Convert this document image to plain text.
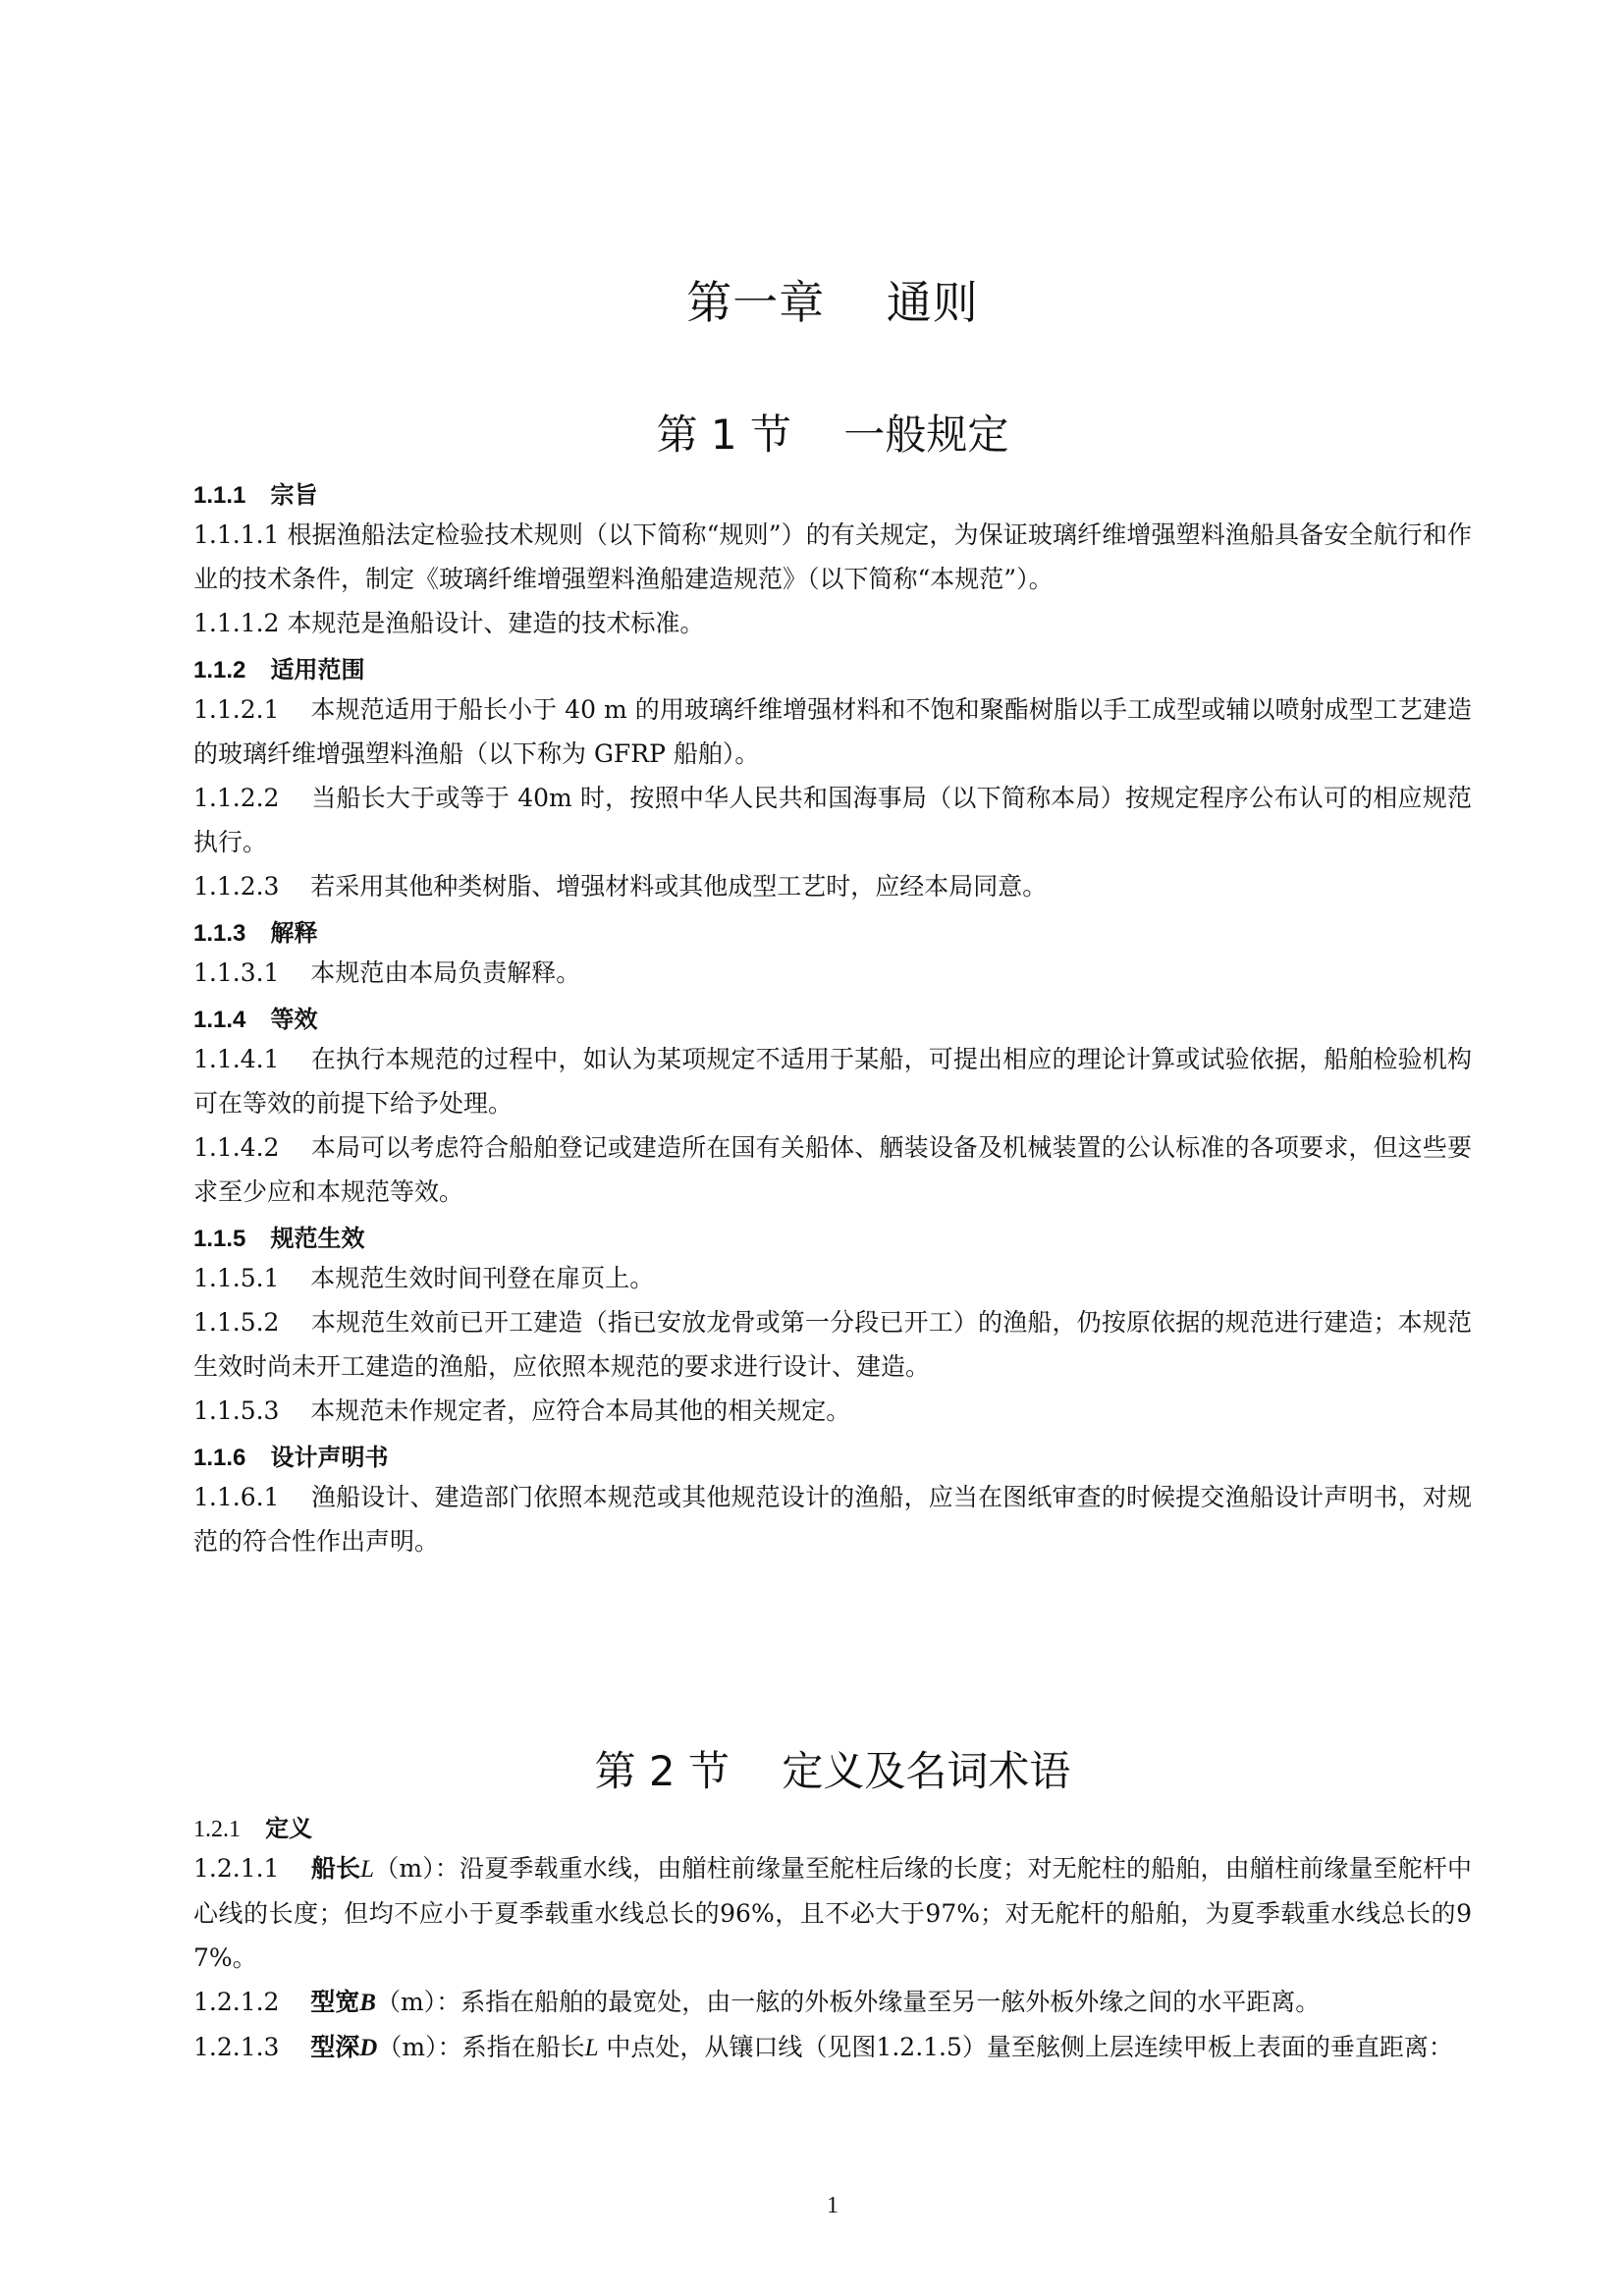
第一章    通则
第 1 节    一般规定
1.1.1 宗旨

1.1.1.1 根据渔船法定检验技术规则（以下简称“规则”）的有关规定，为保证玻璃纤维增强塑料渔船具备安全航行和作业的技术条件，制定《玻璃纤维增强塑料渔船建造规范》（以下简称“本规范”）。

1.1.1.2 本规范是渔船设计、建造的技术标准。

1.1.2 适用范围

1.1.2.1    本规范适用于船长小于 40 m 的用玻璃纤维增强材料和不饱和聚酯树脂以手工成型或辅以喷射成型工艺建造的玻璃纤维增强塑料渔船（以下称为 GFRP 船舶）。

1.1.2.2    当船长大于或等于 40m 时，按照中华人民共和国海事局（以下简称本局）按规定程序公布认可的相应规范执行。

1.1.2.3    若采用其他种类树脂、增强材料或其他成型工艺时，应经本局同意。

1.1.3 解释

1.1.3.1    本规范由本局负责解释。

1.1.4 等效

1.1.4.1    在执行本规范的过程中，如认为某项规定不适用于某船，可提出相应的理论计算或试验依据，船舶检验机构可在等效的前提下给予处理。

1.1.4.2    本局可以考虑符合船舶登记或建造所在国有关船体、舾装设备及机械装置的公认标准的各项要求，但这些要求至少应和本规范等效。

1.1.5 规范生效

1.1.5.1    本规范生效时间刊登在扉页上。

1.1.5.2    本规范生效前已开工建造（指已安放龙骨或第一分段已开工）的渔船，仍按原依据的规范进行建造；本规范生效时尚未开工建造的渔船，应依照本规范的要求进行设计、建造。

1.1.5.3    本规范未作规定者，应符合本局其他的相关规定。

1.1.6 设计声明书

1.1.6.1    渔船设计、建造部门依照本规范或其他规范设计的渔船，应当在图纸审查的时候提交渔船设计声明书，对规范的符合性作出声明。

第 2 节    定义及名词术语
1.2.1 定义

1.2.1.1    船长L（m）：沿夏季载重水线，由艏柱前缘量至舵柱后缘的长度；对无舵柱的船舶，由艏柱前缘量至舵杆中心线的长度；但均不应小于夏季载重水线总长的96%，且不必大于97%；对无舵杆的船舶，为夏季载重水线总长的97%。

1.2.1.2    型宽B（m）：系指在船舶的最宽处，由一舷的外板外缘量至另一舷外板外缘之间的水平距离。

1.2.1.3    型深D（m）：系指在船长L 中点处，从镶口线（见图1.2.1.5）量至舷侧上层连续甲板上表面的垂直距离：

1
